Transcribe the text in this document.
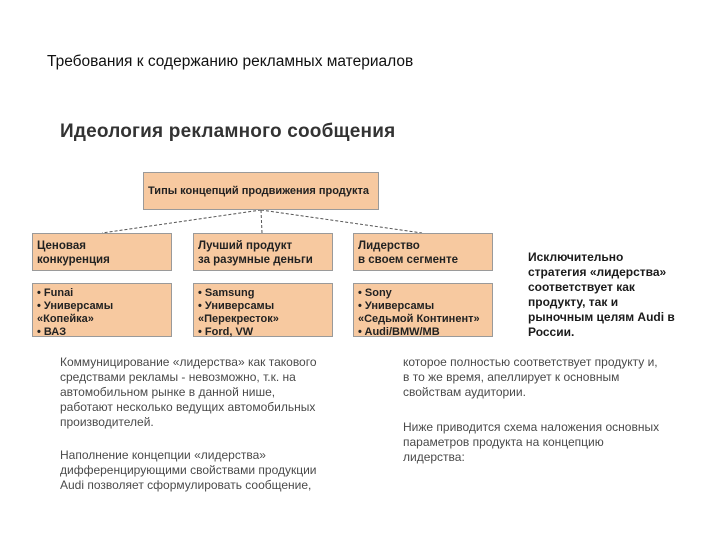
Требования к содержанию рекламных материалов
Идеология рекламного сообщения
Типы концепций продвижения продукта
Ценовая
конкуренция
Лучший продукт
за разумные деньги
Лидерство
в своем сегменте
• Funai
• Универсамы
«Копейка»
• ВАЗ
• Samsung
• Универсамы
«Перекресток»
• Ford, VW
• Sony
• Универсамы
«Седьмой Континент»
• Audi/BMW/MB
Исключительно
стратегия «лидерства»
соответствует как
продукту, так и
рыночным целям Audi в
России.
Коммуницирование «лидерства» как такового
средствами рекламы - невозможно, т.к. на
автомобильном рынке в данной нише,
работают несколько ведущих автомобильных
производителей.
Наполнение концепции «лидерства»
дифференцирующими свойствами продукции
Audi позволяет сформулировать сообщение,
которое полностью соответствует продукту и,
в то же время, апеллирует к основным
свойствам аудитории.
Ниже приводится схема наложения основных
параметров продукта на концепцию
лидерства:
